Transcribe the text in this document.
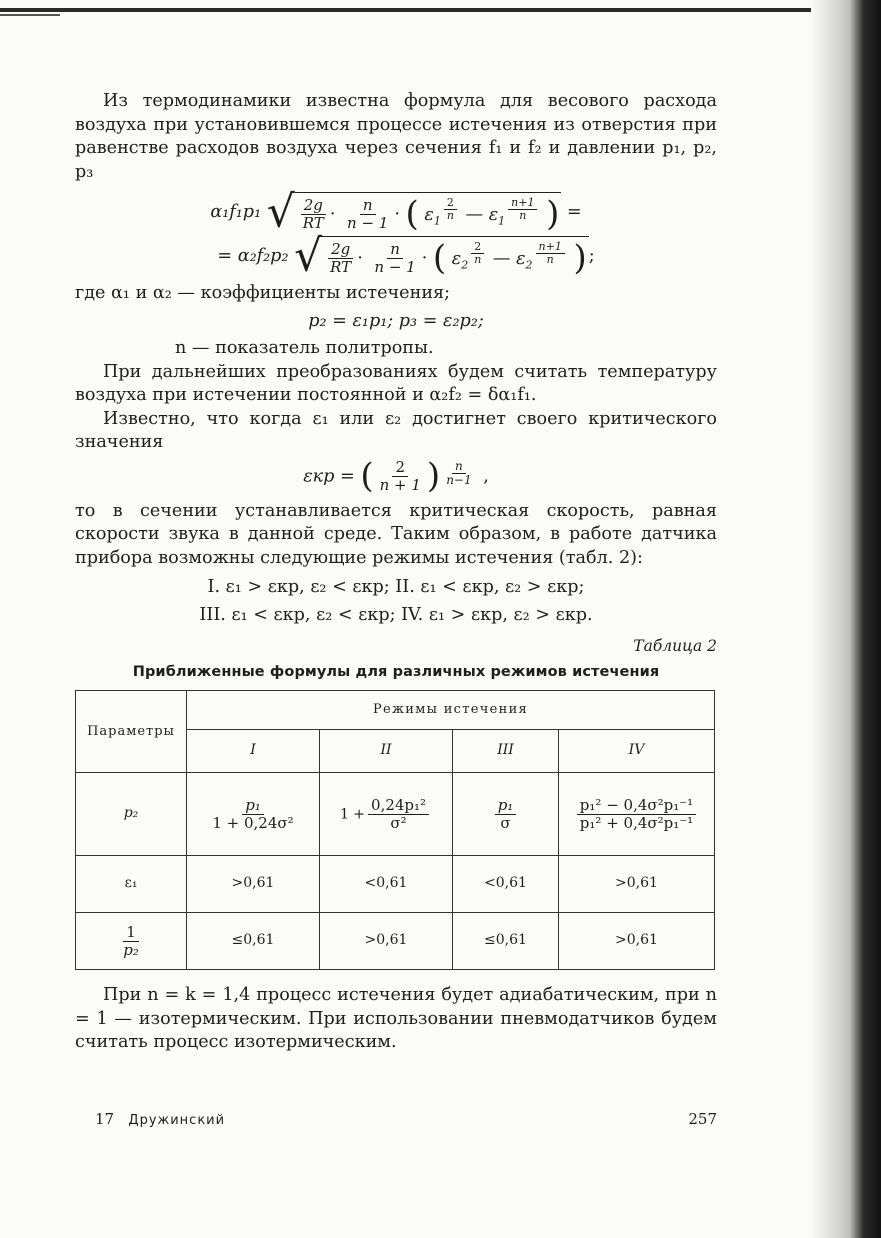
Из термодинамики известна формула для весового расхода воздуха при установившемся процессе истечения из отверстия при равенстве расходов воздуха через сечения f₁ и f₂ и давлении p₁, p₂, p₃

α₁f₁p₁ √ $\frac{2g}{RT} \cdot \frac{n}{n - 1}$ · ( $\varepsilon_1$ $^{\frac{2}{n}}$ — $\varepsilon_1$ $^{\frac{n+1}{n}}$ ) =
= α₂f₂p₂ √ $\frac{2g}{RT} \cdot \frac{n}{n - 1}$ · ( $\varepsilon_2$ $^{\frac{2}{n}}$ — $\varepsilon_2$ $^{\frac{n+1}{n}}$ ) ;

где α₁ и α₂ — коэффициенты истечения;

p₂ = ε₁p₁; p₃ = ε₂p₂;

n — показатель политропы.

При дальнейших преобразованиях будем считать температуру воздуха при истечении постоянной и α₂f₂ = δα₁f₁.

Известно, что когда ε₁ или ε₂ достигнет своего критического значения

εкр = ( $\frac{2}{n + 1}$ ) $^{\frac{n}{n-1}}$ ,

то в сечении устанавливается критическая скорость, равная скорости звука в данной среде. Таким образом, в работе датчика прибора возможны следующие режимы истечения (табл. 2):

I. ε₁ > εкр, ε₂ < εкр; II. ε₁ < εкр, ε₂ > εкр;
III. ε₁ < εкр, ε₂ < εкр; IV. ε₁ > εкр, ε₂ > εкр.
Таблица 2
Приближенные формулы для различных режимов истечения
Параметры	Режимы истечения			
	I	II	III	IV
p₂	$\frac{\text{p₁}}{\text{1 + 0,24σ²}}$	$1 + \frac{\text{0,24p₁²}}{\text{σ²}}$	$\frac{\text{p₁}}{\sigma}$	$\frac{\text{p₁² − 0,4σ²p₁⁻¹}}{\text{p₁² + 0,4σ²p₁⁻¹}}$

ε₁	>0,61	<0,61	<0,61	>0,61

$\frac{1}{\text{p₂}}$	≤0,61	>0,61	≤0,61	>0,61

При n = k = 1,4 процесс истечения будет адиабатическим, при n = 1 — изотермическим. При использовании пневмодатчиков будем считать процесс изотермическим.

17 Дружинский	257
